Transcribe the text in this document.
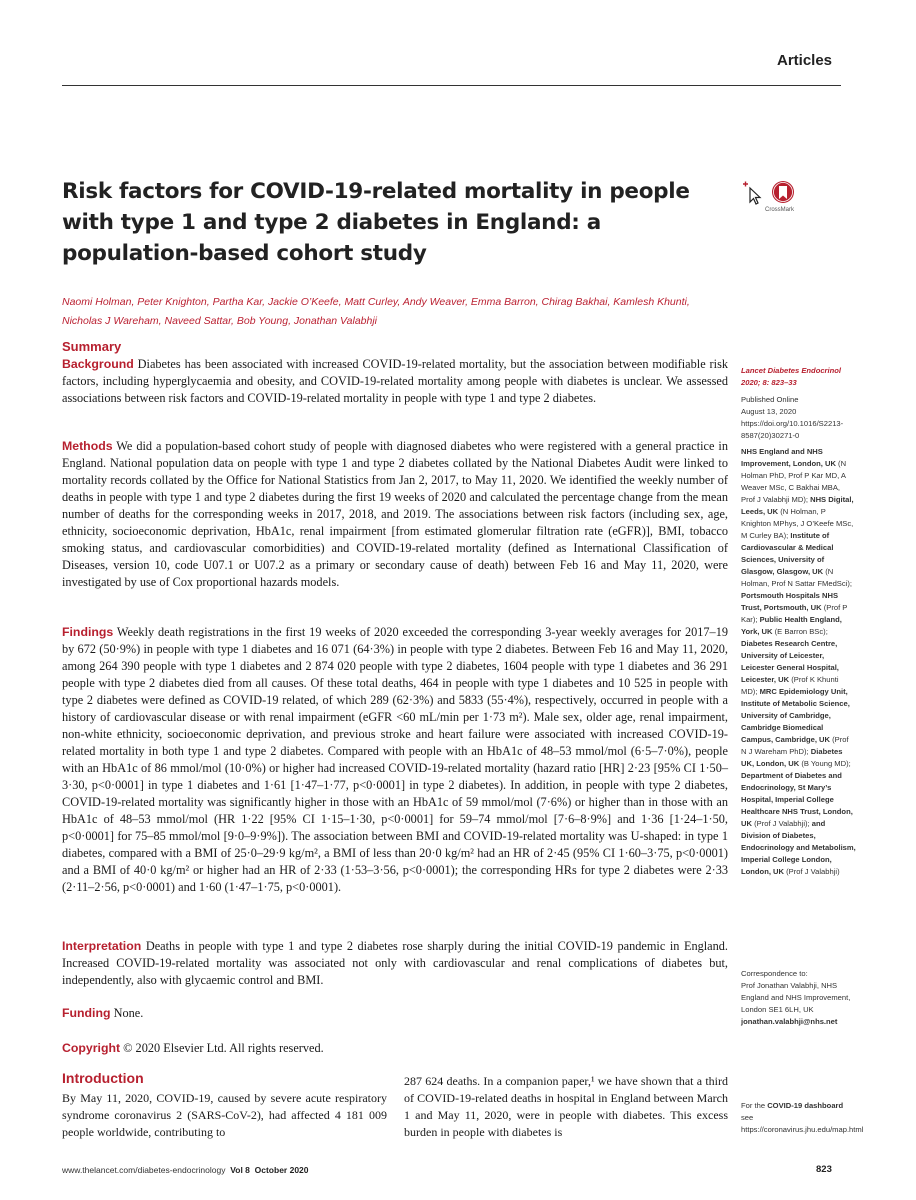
Articles
Risk factors for COVID-19-related mortality in people with type 1 and type 2 diabetes in England: a population-based cohort study
CrossMark
Naomi Holman, Peter Knighton, Partha Kar, Jackie O’Keefe, Matt Curley, Andy Weaver, Emma Barron, Chirag Bakhai, Kamlesh Khunti, Nicholas J Wareham, Naveed Sattar, Bob Young, Jonathan Valabhji
Summary

Background Diabetes has been associated with increased COVID-19-related mortality, but the association between modifiable risk factors, including hyperglycaemia and obesity, and COVID-19-related mortality among people with diabetes is unclear. We assessed associations between risk factors and COVID-19-related mortality in people with type 1 and type 2 diabetes.

Methods We did a population-based cohort study of people with diagnosed diabetes who were registered with a general practice in England. National population data on people with type 1 and type 2 diabetes collated by the National Diabetes Audit were linked to mortality records collated by the Office for National Statistics from Jan 2, 2017, to May 11, 2020. We identified the weekly number of deaths in people with type 1 and type 2 diabetes during the first 19 weeks of 2020 and calculated the percentage change from the mean number of deaths for the corresponding weeks in 2017, 2018, and 2019. The associations between risk factors (including sex, age, ethnicity, socioeconomic deprivation, HbA1c, renal impairment [from estimated glomerular filtration rate (eGFR)], BMI, tobacco smoking status, and cardiovascular comorbidities) and COVID-19-related mortality (defined as International Classification of Diseases, version 10, code U07.1 or U07.2 as a primary or secondary cause of death) between Feb 16 and May 11, 2020, were investigated by use of Cox proportional hazards models.

Findings Weekly death registrations in the first 19 weeks of 2020 exceeded the corresponding 3-year weekly averages for 2017–19 by 672 (50·9%) in people with type 1 diabetes and 16 071 (64·3%) in people with type 2 diabetes. Between Feb 16 and May 11, 2020, among 264 390 people with type 1 diabetes and 2 874 020 people with type 2 diabetes, 1604 people with type 1 diabetes and 36 291 people with type 2 diabetes died from all causes. Of these total deaths, 464 in people with type 1 diabetes and 10 525 in people with type 2 diabetes were defined as COVID-19 related, of which 289 (62·3%) and 5833 (55·4%), respectively, occurred in people with a history of cardiovascular disease or with renal impairment (eGFR <60 mL/min per 1·73 m²). Male sex, older age, renal impairment, non-white ethnicity, socioeconomic deprivation, and previous stroke and heart failure were associated with increased COVID-19-related mortality in both type 1 and type 2 diabetes. Compared with people with an HbA1c of 48–53 mmol/mol (6·5–7·0%), people with an HbA1c of 86 mmol/mol (10·0%) or higher had increased COVID-19-related mortality (hazard ratio [HR] 2·23 [95% CI 1·50–3·30, p<0·0001] in type 1 diabetes and 1·61 [1·47–1·77, p<0·0001] in type 2 diabetes). In addition, in people with type 2 diabetes, COVID-19-related mortality was significantly higher in those with an HbA1c of 59 mmol/mol (7·6%) or higher than in those with an HbA1c of 48–53 mmol/mol (HR 1·22 [95% CI 1·15–1·30, p<0·0001] for 59–74 mmol/mol [7·6–8·9%] and 1·36 [1·24–1·50, p<0·0001] for 75–85 mmol/mol [9·0–9·9%]). The association between BMI and COVID-19-related mortality was U-shaped: in type 1 diabetes, compared with a BMI of 25·0–29·9 kg/m², a BMI of less than 20·0 kg/m² had an HR of 2·45 (95% CI 1·60–3·75, p<0·0001) and a BMI of 40·0 kg/m² or higher had an HR of 2·33 (1·53–3·56, p<0·0001); the corresponding HRs for type 2 diabetes were 2·33 (2·11–2·56, p<0·0001) and 1·60 (1·47–1·75, p<0·0001).

Interpretation Deaths in people with type 1 and type 2 diabetes rose sharply during the initial COVID-19 pandemic in England. Increased COVID-19-related mortality was associated not only with cardiovascular and renal complications of diabetes but, independently, also with glycaemic control and BMI.

Funding None.

Copyright © 2020 Elsevier Ltd. All rights reserved.

Lancet Diabetes Endocrinol 2020; 8: 823–33
Published Online
August 13, 2020
https://doi.org/10.1016/S2213-8587(20)30271-0
NHS England and NHS Improvement, London, UK (N Holman PhD, Prof P Kar MD, A Weaver MSc, C Bakhai MBA, Prof J Valabhji MD); NHS Digital, Leeds, UK (N Holman, P Knighton MPhys, J O’Keefe MSc, M Curley BA); Institute of Cardiovascular & Medical Sciences, University of Glasgow, Glasgow, UK (N Holman, Prof N Sattar FMedSci); Portsmouth Hospitals NHS Trust, Portsmouth, UK (Prof P Kar); Public Health England, York, UK (E Barron BSc); Diabetes Research Centre, University of Leicester, Leicester General Hospital, Leicester, UK (Prof K Khunti MD); MRC Epidemiology Unit, Institute of Metabolic Science, University of Cambridge, Cambridge Biomedical Campus, Cambridge, UK (Prof N J Wareham PhD); Diabetes UK, London, UK (B Young MD); Department of Diabetes and Endocrinology, St Mary’s Hospital, Imperial College Healthcare NHS Trust, London, UK (Prof J Valabhji); and Division of Diabetes, Endocrinology and Metabolism, Imperial College London, London, UK (Prof J Valabhji)
Correspondence to:
Prof Jonathan Valabhji, NHS England and NHS Improvement, London SE1 6LH, UK
jonathan.valabhji@nhs.net
For the COVID-19 dashboard see https://coronavirus.jhu.edu/map.html
Introduction

By May 11, 2020, COVID-19, caused by severe acute respiratory syndrome coronavirus 2 (SARS-CoV-2), had affected 4 181 009 people worldwide, contributing to

287 624 deaths. In a companion paper,¹ we have shown that a third of COVID-19-related deaths in hospital in England between March 1 and May 11, 2020, were in people with diabetes. This excess burden in people with diabetes is

www.thelancet.com/diabetes-endocrinology Vol 8 October 2020	823
